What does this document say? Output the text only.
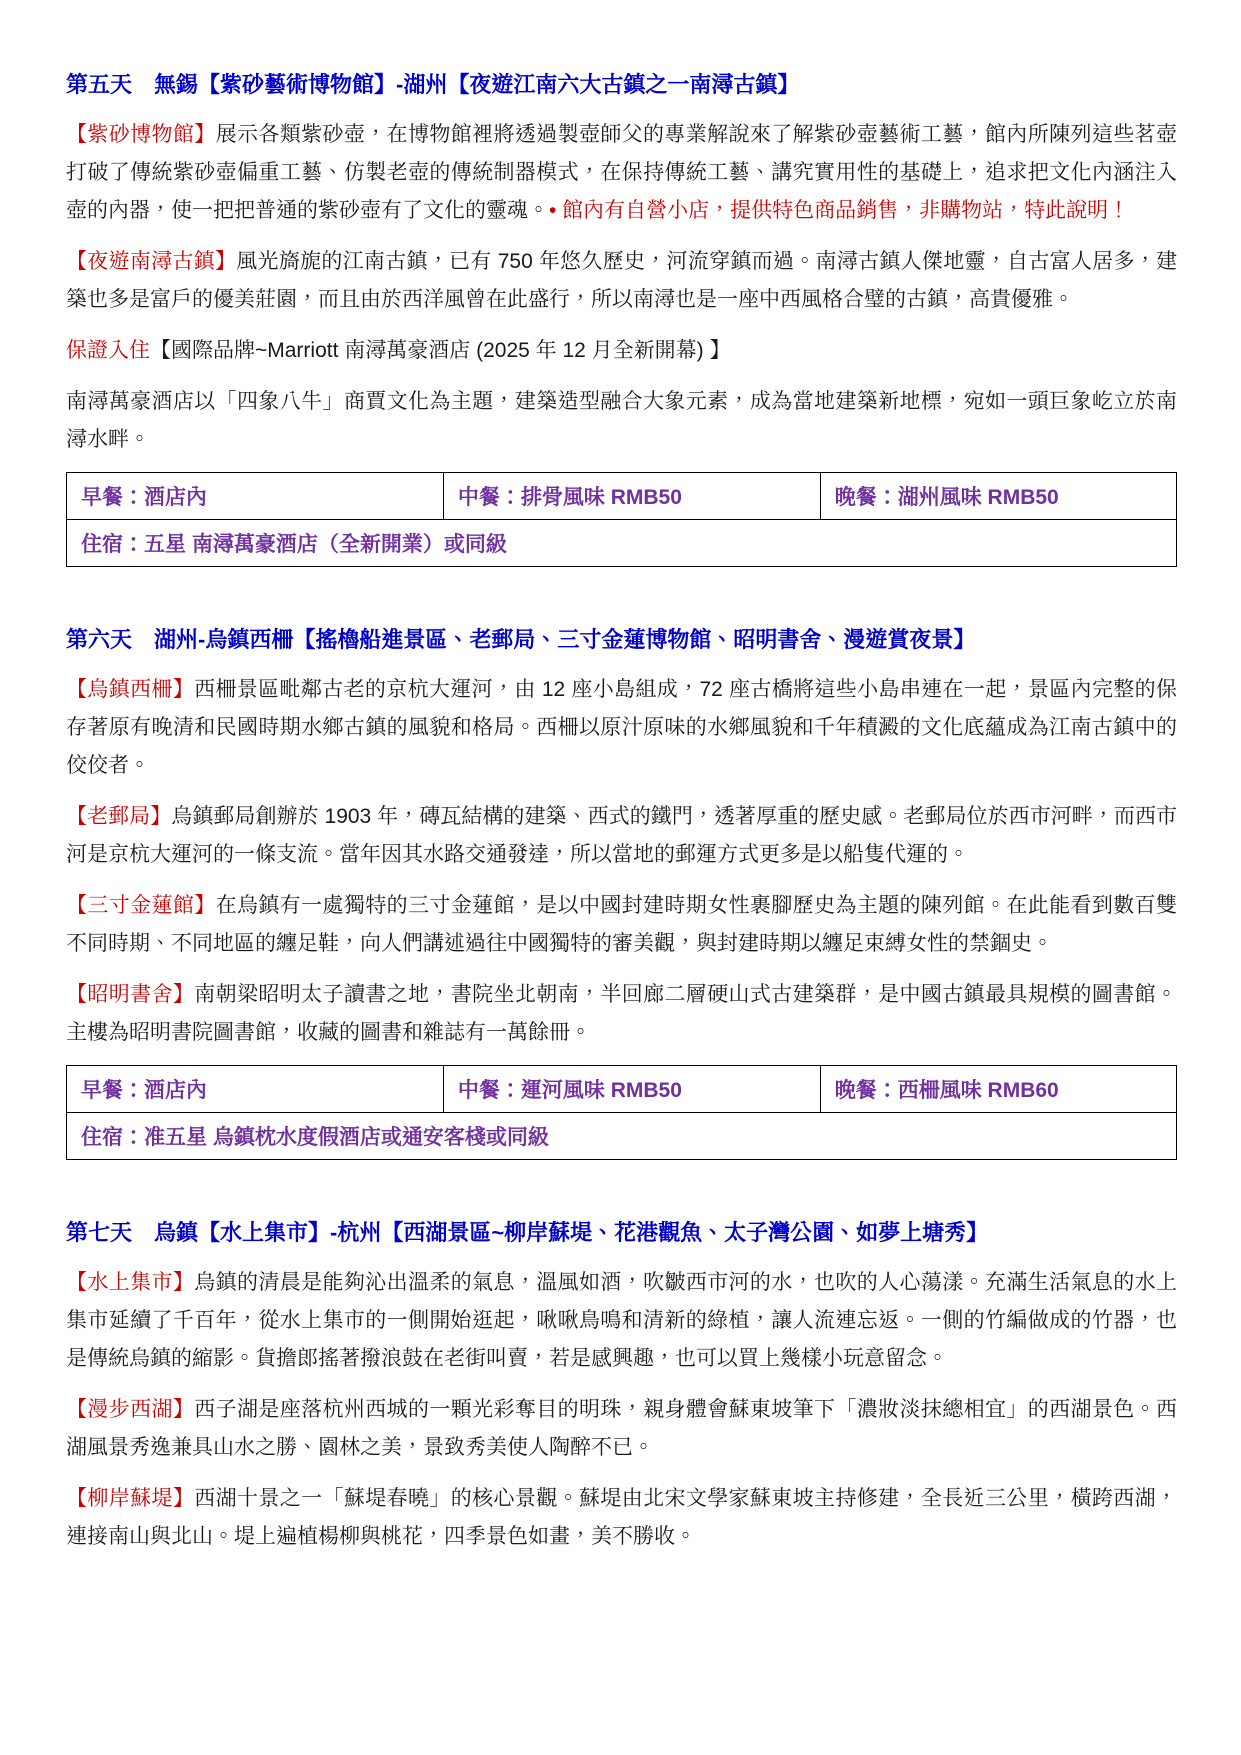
第五天　無錫【紫砂藝術博物館】-湖州【夜遊江南六大古鎮之一南潯古鎮】

【紫砂博物館】展示各類紫砂壺，在博物館裡將透過製壺師父的專業解說來了解紫砂壺藝術工藝，館內所陳列這些茗壺打破了傳統紫砂壺偏重工藝、仿製老壺的傳統制器模式，在保持傳統工藝、講究實用性的基礎上，追求把文化內涵注入壺的內器，使一把把普通的紫砂壺有了文化的靈魂。• 館內有自營小店，提供特色商品銷售，非購物站，特此說明！

【夜遊南潯古鎮】風光旖旎的江南古鎮，已有 750 年悠久歷史，河流穿鎮而過。南潯古鎮人傑地靈，自古富人居多，建築也多是富戶的優美莊園，而且由於西洋風曾在此盛行，所以南潯也是一座中西風格合璧的古鎮，高貴優雅。

保證入住【國際品牌~Marriott 南潯萬豪酒店 (2025 年 12 月全新開幕) 】

南潯萬豪酒店以「四象八牛」商賈文化為主題，建築造型融合大象元素，成為當地建築新地標，宛如一頭巨象屹立於南潯水畔。

早餐：酒店內	中餐：排骨風味 RMB50	晚餐：湖州風味 RMB50
住宿：五星 南潯萬豪酒店（全新開業）或同級
第六天　湖州-烏鎮西柵【搖櫓船進景區、老郵局、三寸金蓮博物館、昭明書舍、漫遊賞夜景】

【烏鎮西柵】西柵景區毗鄰古老的京杭大運河，由 12 座小島組成，72 座古橋將這些小島串連在一起，景區內完整的保存著原有晚清和民國時期水鄉古鎮的風貌和格局。西柵以原汁原味的水鄉風貌和千年積澱的文化底蘊成為江南古鎮中的佼佼者。

【老郵局】烏鎮郵局創辦於 1903 年，磚瓦結構的建築、西式的鐵門，透著厚重的歷史感。老郵局位於西市河畔，而西市河是京杭大運河的一條支流。當年因其水路交通發達，所以當地的郵運方式更多是以船隻代運的。

【三寸金蓮館】在烏鎮有一處獨特的三寸金蓮館，是以中國封建時期女性裹腳歷史為主題的陳列館。在此能看到數百雙不同時期、不同地區的纏足鞋，向人們講述過往中國獨特的審美觀，與封建時期以纏足束縛女性的禁錮史。

【昭明書舍】南朝梁昭明太子讀書之地，書院坐北朝南，半回廊二層硬山式古建築群，是中國古鎮最具規模的圖書館。主樓為昭明書院圖書館，收藏的圖書和雜誌有一萬餘冊。

早餐：酒店內	中餐：運河風味 RMB50	晚餐：西柵風味 RMB60
住宿：准五星 烏鎮枕水度假酒店或通安客棧或同級
第七天　烏鎮【水上集市】-杭州【西湖景區~柳岸蘇堤、花港觀魚、太子灣公園、如夢上塘秀】

【水上集市】烏鎮的清晨是能夠沁出溫柔的氣息，溫風如酒，吹皺西市河的水，也吹的人心蕩漾。充滿生活氣息的水上集市延續了千百年，從水上集市的一側開始逛起，啾啾鳥鳴和清新的綠植，讓人流連忘返。一側的竹編做成的竹器，也是傳統烏鎮的縮影。貨擔郎搖著撥浪鼓在老街叫賣，若是感興趣，也可以買上幾樣小玩意留念。

【漫步西湖】西子湖是座落杭州西城的一顆光彩奪目的明珠，親身體會蘇東坡筆下「濃妝淡抹總相宜」的西湖景色。西湖風景秀逸兼具山水之勝、園林之美，景致秀美使人陶醉不已。

【柳岸蘇堤】西湖十景之一「蘇堤春曉」的核心景觀。蘇堤由北宋文學家蘇東坡主持修建，全長近三公里，橫跨西湖，連接南山與北山。堤上遍植楊柳與桃花，四季景色如畫，美不勝收。
